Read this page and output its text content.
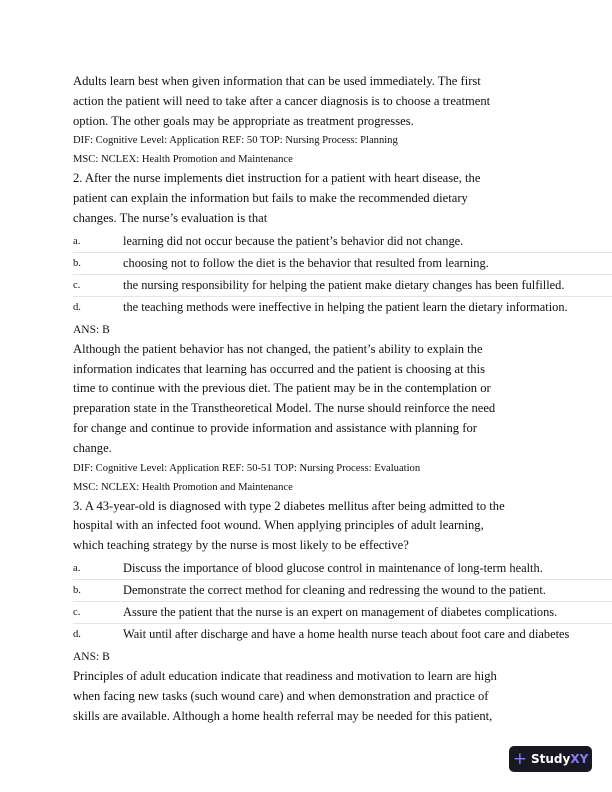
Adults learn best when given information that can be used immediately. The first
action the patient will need to take after a cancer diagnosis is to choose a treatment
option. The other goals may be appropriate as treatment progresses.
DIF: Cognitive Level: Application REF: 50 TOP: Nursing Process: Planning
MSC: NCLEX: Health Promotion and Maintenance
2. After the nurse implements diet instruction for a patient with heart disease, the
patient can explain the information but fails to make the recommended dietary
changes. The nurse’s evaluation is that
a.	learning did not occur because the patient’s behavior did not change.
b.	choosing not to follow the diet is the behavior that resulted from learning.
c.	the nursing responsibility for helping the patient make dietary changes has been fulfilled.
d.	the teaching methods were ineffective in helping the patient learn the dietary information.
ANS: B
Although the patient behavior has not changed, the patient’s ability to explain the
information indicates that learning has occurred and the patient is choosing at this
time to continue with the previous diet. The patient may be in the contemplation or
preparation state in the Transtheoretical Model. The nurse should reinforce the need
for change and continue to provide information and assistance with planning for
change.
DIF: Cognitive Level: Application REF: 50-51 TOP: Nursing Process: Evaluation
MSC: NCLEX: Health Promotion and Maintenance
3. A 43-year-old is diagnosed with type 2 diabetes mellitus after being admitted to the
hospital with an infected foot wound. When applying principles of adult learning,
which teaching strategy by the nurse is most likely to be effective?
a.	Discuss the importance of blood glucose control in maintenance of long-term health.
b.	Demonstrate the correct method for cleaning and redressing the wound to the patient.
c.	Assure the patient that the nurse is an expert on management of diabetes complications.
d.	Wait until after discharge and have a home health nurse teach about foot care and diabetes
ANS: B
Principles of adult education indicate that readiness and motivation to learn are high
when facing new tasks (such wound care) and when demonstration and practice of
skills are available. Although a home health referral may be needed for this patient,
+ StudyXY
